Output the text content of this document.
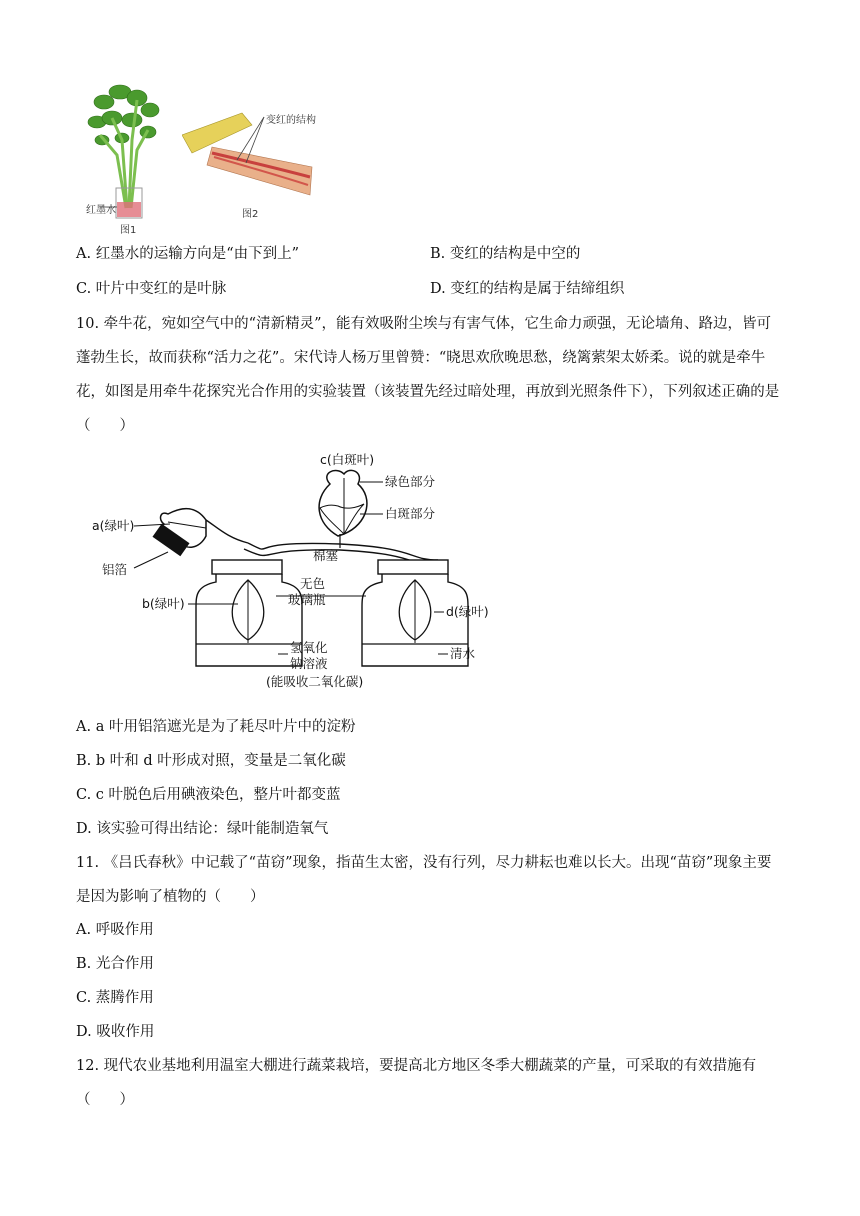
红墨水
图1
变红的结构
图2
A. 红墨水的运输方向是“由下到上”	B. 变红的结构是中空的
C. 叶片中变红的是叶脉	D. 变红的结构是属于结缔组织
10. 牵牛花，宛如空气中的“清新精灵”，能有效吸附尘埃与有害气体，它生命力顽强，无论墙角、路边，皆可蓬勃生长，故而获称“活力之花”。宋代诗人杨万里曾赞：“晓思欢欣晚思愁，绕篱萦架太娇柔。说的就是牵牛花，如图是用牵牛花探究光合作用的实验装置（该装置先经过暗处理，再放到光照条件下），下列叙述正确的是（　　）
c(白斑叶)
绿色部分
白斑部分
a(绿叶)
铝箔
棉塞
无色
玻璃瓶
b(绿叶)
d(绿叶)
氢氧化
钠溶液
(能吸收二氧化碳)
清水
A. a 叶用铝箔遮光是为了耗尽叶片中的淀粉
B. b 叶和 d 叶形成对照，变量是二氧化碳
C. c 叶脱色后用碘液染色，整片叶都变蓝
D. 该实验可得出结论：绿叶能制造氧气
11. 《吕氏春秋》中记载了“苗窃”现象，指苗生太密，没有行列，尽力耕耘也难以长大。出现“苗窃”现象主要是因为影响了植物的（　　）
A. 呼吸作用
B. 光合作用
C. 蒸腾作用
D. 吸收作用
12. 现代农业基地利用温室大棚进行蔬菜栽培，要提高北方地区冬季大棚蔬菜的产量，可采取的有效措施有（　　）
